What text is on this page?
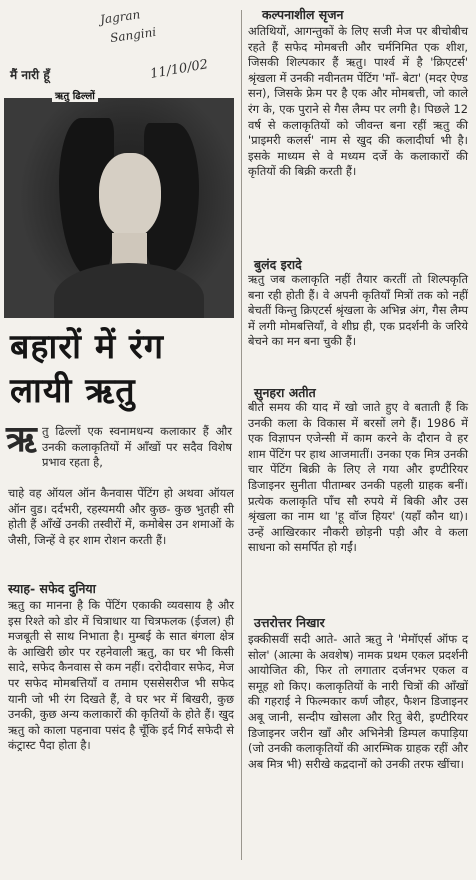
मैं नारी हूँ
ऋतु ढिल्लों
Jagran
Sangini
11/10/02
बहारों में रंग
लायी ऋतु
ऋ तु ढिल्लों एक स्वनामधन्य कलाकार हैं और उनकी कलाकृतियों में आँखों पर सदैव विशेष प्रभाव रहता है,
चाहे वह ऑयल ऑन कैनवास पेंटिंग हो अथवा ऑयल ऑन वुड। दर्दभरी, रहस्यमयी और कुछ- कुछ भुतही सी होती हैं आँखें उनकी तस्वीरों में, कमोबेस उन शमाओं के जैसी, जिन्हें वे हर शाम रोशन करती हैं।
स्याह- सफेद दुनिया
ऋतु का मानना है कि पेंटिंग एकाकी व्यवसाय है और इस रिश्ते को डोर में चित्राधार या चित्रफलक (ईजल) ही मजबूती से साथ निभाता है। मुम्बई के सात बंगला क्षेत्र के आखिरी छोर पर रहनेवाली ऋतु, का घर भी किसी सादे, सफेद कैनवास से कम नहीं। दरोदीवार सफेद, मेज पर सफेद मोमबत्तियाँ व तमाम एससेसरीज भी सफेद यानी जो भी रंग दिखते हैं, वे घर भर में बिखरी, कुछ उनकी, कुछ अन्य कलाकारों की कृतियों के होते हैं। खुद ऋतु को काला पहनावा पसंद है चूँकि इर्द गिर्द सफेदी से कंट्रास्ट पैदा होता है।
कल्पनाशील सृजन
अतिथियों, आगन्तुकों के लिए सजी मेज पर बीचोबीच रहते हैं सफेद मोमबत्ती और चर्मनिमित एक शीश, जिसकी शिल्पकार हैं ऋतु। पार्श्व में है 'क्रिएटर्स' श्रृंखला में उनकी नवीनतम पेंटिंग 'माँ- बेटा' (मदर ऐण्ड सन), जिसके फ्रेम पर है एक और मोमबत्ती, जो काले रंग के, एक पुराने से गैस लैम्प पर लगी है। पिछले 12 वर्ष से कलाकृतियों को जीवन्त बना रहीं ऋतु की 'प्राइमरी कलर्स' नाम से खुद की कलादीर्घा भी है। इसके माध्यम से वे मध्यम दर्जे के कलाकारों की कृतियों की बिक्री करती हैं।
बुलंद इरादे
ऋतु जब कलाकृति नहीं तैयार करतीं तो शिल्पकृति बना रही होती हैं। वे अपनी कृतियाँ मित्रों तक को नहीं बेचतीं किन्तु क्रिएटर्स श्रृंखला के अभिन्न अंग, गैस लैम्प में लगी मोमबत्तियाँ, वे शीघ्र ही, एक प्रदर्शनी के जरिये बेचने का मन बना चुकी हैं।
सुनहरा अतीत
बीते समय की याद में खो जाते हुए वे बताती हैं कि उनकी कला के विकास में बरसों लगे हैं। 1986 में एक विज्ञापन एजेन्सी में काम करने के दौरान वे हर शाम पेंटिंग पर हाथ आजमातीं। उनका एक मित्र उनकी चार पेंटिंग बिक्री के लिए ले गया और इण्टीरियर डिजाइनर सुनीता पीताम्बर उनकी पहली ग्राहक बनीं। प्रत्येक कलाकृति पाँच सौ रुपये में बिकी और उस श्रृंखला का नाम था 'हू वॉज हियर' (यहाँ कौन था)। उन्हें आखिरकार नौकरी छोड़नी पड़ी और वे कला साधना को समर्पित हो गईं।
उत्तरोत्तर निखार
इक्कीसवीं सदी आते- आते ऋतु ने 'मेमॉएर्स ऑफ द सोल' (आत्मा के अवशेष) नामक प्रथम एकल प्रदर्शनी आयोजित की, फिर तो लगातार दर्जनभर एकल व समूह शो किए। कलाकृतियों के नारी चित्रों की आँखों की गहराई ने फिल्मकार कर्ण जौहर, फैशन डिजाइनर अबू जानी, सन्दीप खोसला और रितु बेरी, इण्टीरियर डिजाइनर जरीन खाँ और अभिनेत्री डिम्पल कपाड़िया (जो उनकी कलाकृतियों की आरम्भिक ग्राहक रहीं और अब मित्र भी) सरीखे कद्रदानों को उनकी तरफ खींचा।
